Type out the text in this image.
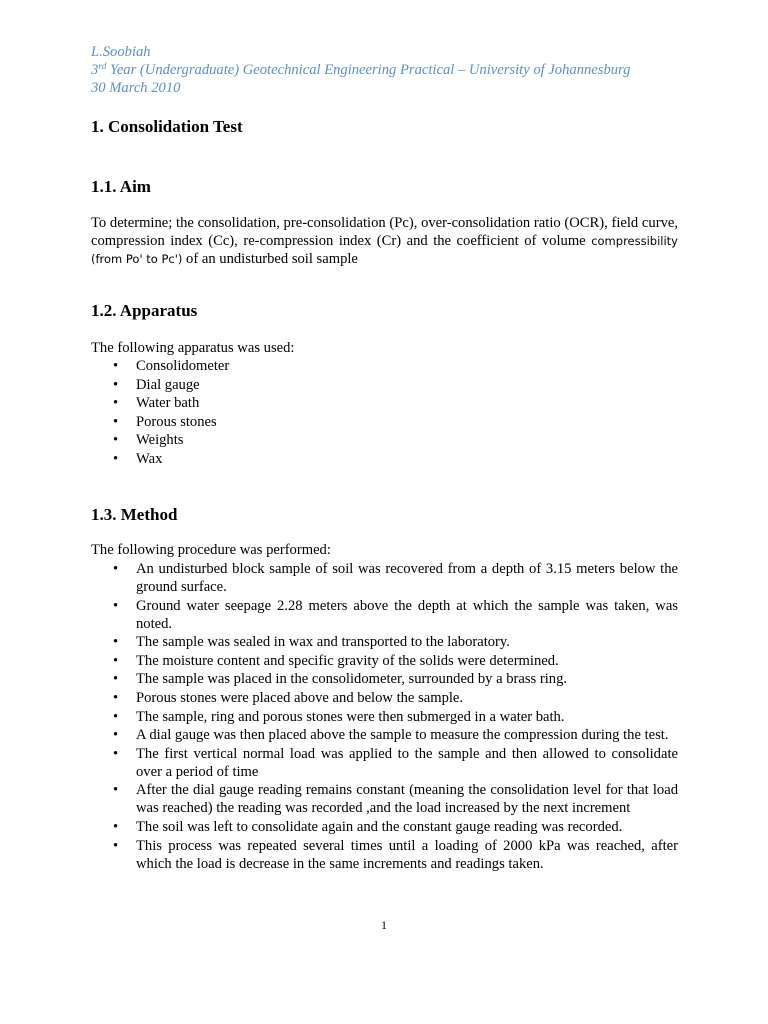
L.Soobiah
3rd Year (Undergraduate) Geotechnical Engineering Practical – University of Johannesburg
30 March 2010
1. Consolidation Test
1.1. Aim

To determine; the consolidation, pre-consolidation (Pc), over-consolidation ratio (OCR), field curve, compression index (Cc), re-compression index (Cr) and the coefficient of volume compressibility (from Po' to Pc') of an undisturbed soil sample

1.2. Apparatus

The following apparatus was used:

• Consolidometer
• Dial gauge
• Water bath
• Porous stones
• Weights
• Wax
1.3. Method

The following procedure was performed:

• An undisturbed block sample of soil was recovered from a depth of 3.15 meters below the ground surface.
• Ground water seepage 2.28 meters above the depth at which the sample was taken, was noted.
• The sample was sealed in wax and transported to the laboratory.
• The moisture content and specific gravity of the solids were determined.
• The sample was placed in the consolidometer, surrounded by a brass ring.
• Porous stones were placed above and below the sample.
• The sample, ring and porous stones were then submerged in a water bath.
• A dial gauge was then placed above the sample to measure the compression during the test.
• The first vertical normal load was applied to the sample and then allowed to consolidate over a period of time
• After the dial gauge reading remains constant (meaning the consolidation level for that load was reached) the reading was recorded ,and the load increased by the next increment
• The soil was left to consolidate again and the constant gauge reading was recorded.
• This process was repeated several times until a loading of 2000 kPa was reached, after which the load is decrease in the same increments and readings taken.
1
